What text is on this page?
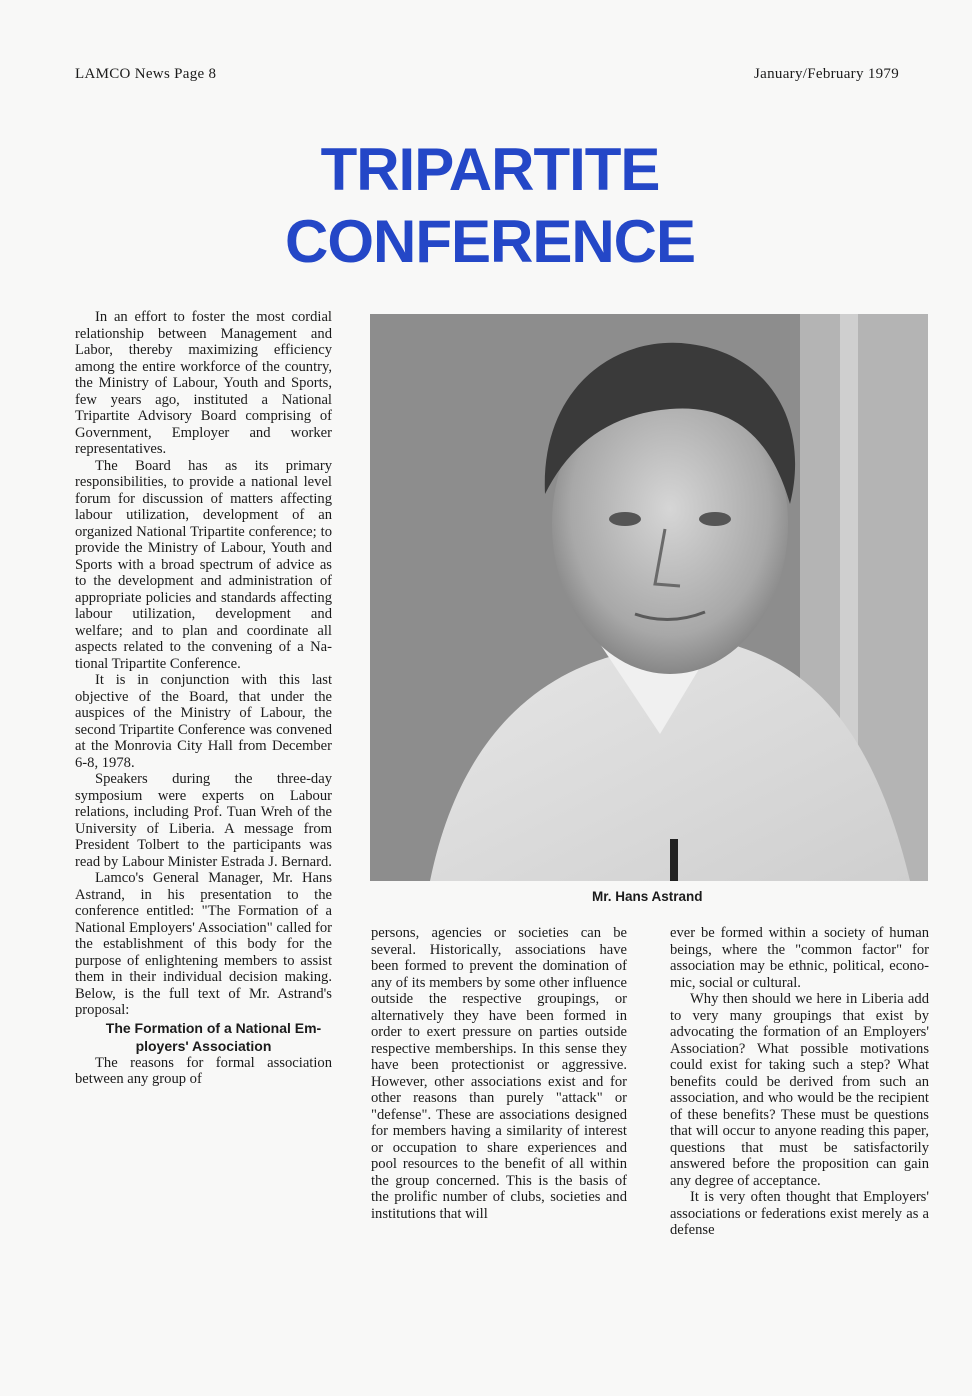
LAMCO News Page 8	January/February 1979
TRIPARTITE
CONFERENCE

In an effort to foster the most cordial relationship between Management and Labor, thereby maximizing efficiency among the entire workforce of the country, the Ministry of Labour, Youth and Sports, few years ago, instituted a National Tripartite Advisory Board comprising of Government, Employer and worker representatives.

The Board has as its primary responsibilities, to provide a national level forum for discussion of matters affecting labour utilization, development of an organized National Tripartite conference; to provide the Ministry of Labour, Youth and Sports with a broad spectrum of advice as to the development and administration of appropriate policies and standards affecting labour utilization, development and welfare; and to plan and coordinate all aspects related to the convening of a National Tripartite Conference.

It is in conjunction with this last objective of the Board, that under the auspices of the Ministry of Labour, the second Tripartite Conference was convened at the Monrovia City Hall from December 6-8, 1978.

Speakers during the three-day symposium were experts on Labour relations, including Prof. Tuan Wreh of the University of Liberia. A message from President Tolbert to the participants was read by Labour Minister Estrada J. Bernard.

Lamco's General Manager, Mr. Hans Astrand, in his presentation to the conference entitled: "The Formation of a National Employers' Association" called for the establishment of this body for the purpose of enlightening members to assist them in their individual decision making. Below, is the full text of Mr. Astrand's proposal:

The Formation of a National Em-ployers' Association

The reasons for formal association between any group of

Mr. Hans Astrand

persons, agencies or societies can be several. Historically, associations have been formed to prevent the domination of any of its members by some other influence outside the respective groupings, or alternatively they have been formed in order to exert pressure on parties outside respective memberships. In this sense they have been protectionist or aggressive. However, other associations exist and for other reasons than purely "attack" or "defense". These are associations designed for members having a similarity of interest or occupation to share experiences and pool resources to the benefit of all within the group concerned. This is the basis of the prolific number of clubs, societies and institutions that will

ever be formed within a society of human beings, where the "common factor" for association may be ethnic, political, economic, social or cultural.

Why then should we here in Liberia add to very many groupings that exist by advocating the formation of an Employers' Association? What possible motivations could exist for taking such a step? What benefits could be derived from such an association, and who would be the recipient of these benefits? These must be questions that will occur to anyone reading this paper, questions that must be satisfactorily answered before the proposition can gain any degree of acceptance.

It is very often thought that Employers' associations or federations exist merely as a defense
